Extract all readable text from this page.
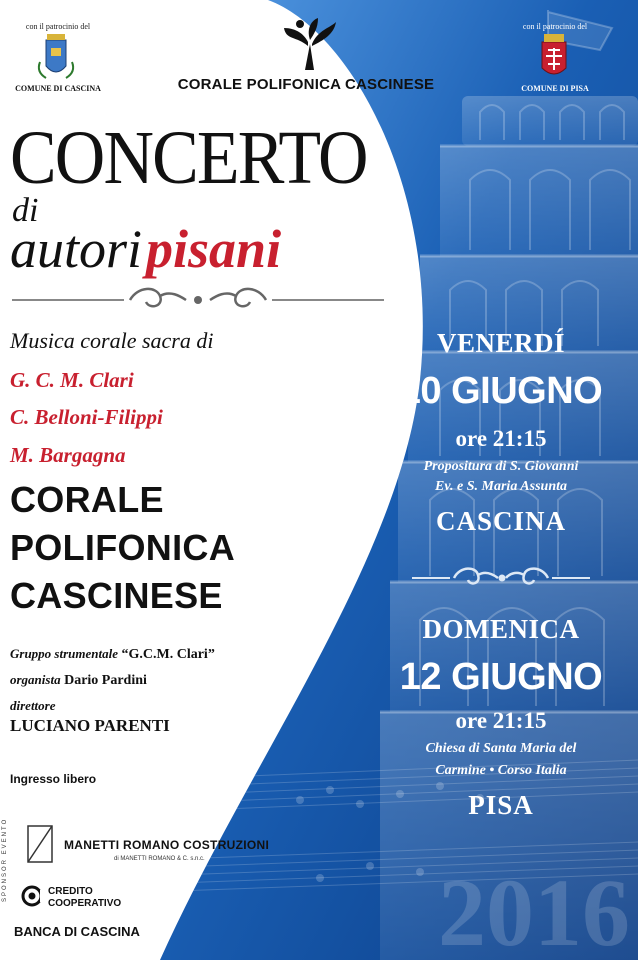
2016
con il patrocinio del
COMUNE DI CASCINA	CORALE POLIFONICA CASCINESE
con il patrocinio del
COMUNE DI PISA
CONCERTO
di
autori pisani
Musica corale sacra di
G. C. M. Clari
C. Belloni-Filippi
M. Bargagna
CORALE
POLIFONICA
CASCINESE
Gruppo strumentale “G.C.M. Clari”
organista Dario Pardini
direttore
LUCIANO PARENTI
Ingresso libero
SPONSOR EVENTO	MANETTI ROMANO COSTRUZIONI
di MANETTI ROMANO & C. s.n.c.
CREDITO
COOPERATIVO
BANCA DI CASCINA
VENERDÍ
10 GIUGNO
ore 21:15
Propositura di S. Giovanni
Ev. e S. Maria Assunta
CASCINA
DOMENICA
12 GIUGNO
ore 21:15
Chiesa di Santa Maria del
Carmine • Corso Italia
PISA
